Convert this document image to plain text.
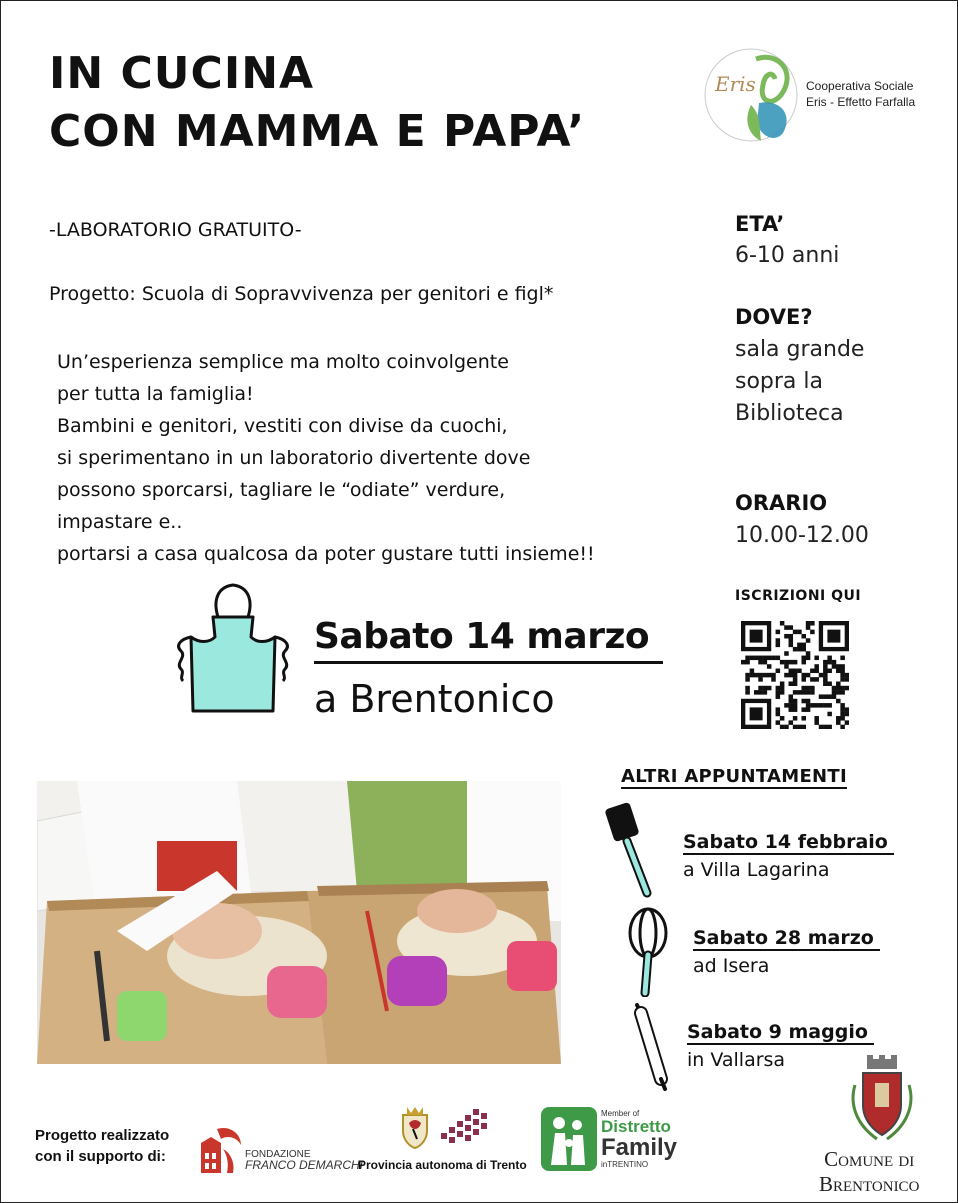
IN CUCINA
CON MAMMA E PAPA’
Eris	Cooperativa Sociale
Eris - Effetto Farfalla
-LABORATORIO GRATUITO-
Progetto: Scuola di Sopravvivenza per genitori e figl*
Un’esperienza semplice ma molto coinvolgente
per tutta la famiglia!
Bambini e genitori, vestiti con divise da cuochi,
si sperimentano in un laboratorio divertente dove
possono sporcarsi, tagliare le “odiate” verdure,
impastare e..
portarsi a casa qualcosa da poter gustare tutti insieme!!
ETA’
6-10 anni
DOVE?
sala grande
sopra la
Biblioteca
ORARIO
10.00-12.00
Sabato 14 marzo
a Brentonico
ISCRIZIONI QUI
ALTRI APPUNTAMENTI
Sabato 14 febbraio
a Villa Lagarina
Sabato 28 marzo
ad Isera
Sabato 9 maggio
in Vallarsa
Progetto realizzato
con il supporto di:	FONDAZIONE
FRANCO DEMARCHI
Provincia autonoma di Trento
Member of
Distretto
Family
inTRENTINO	Comune di
Brentonico
